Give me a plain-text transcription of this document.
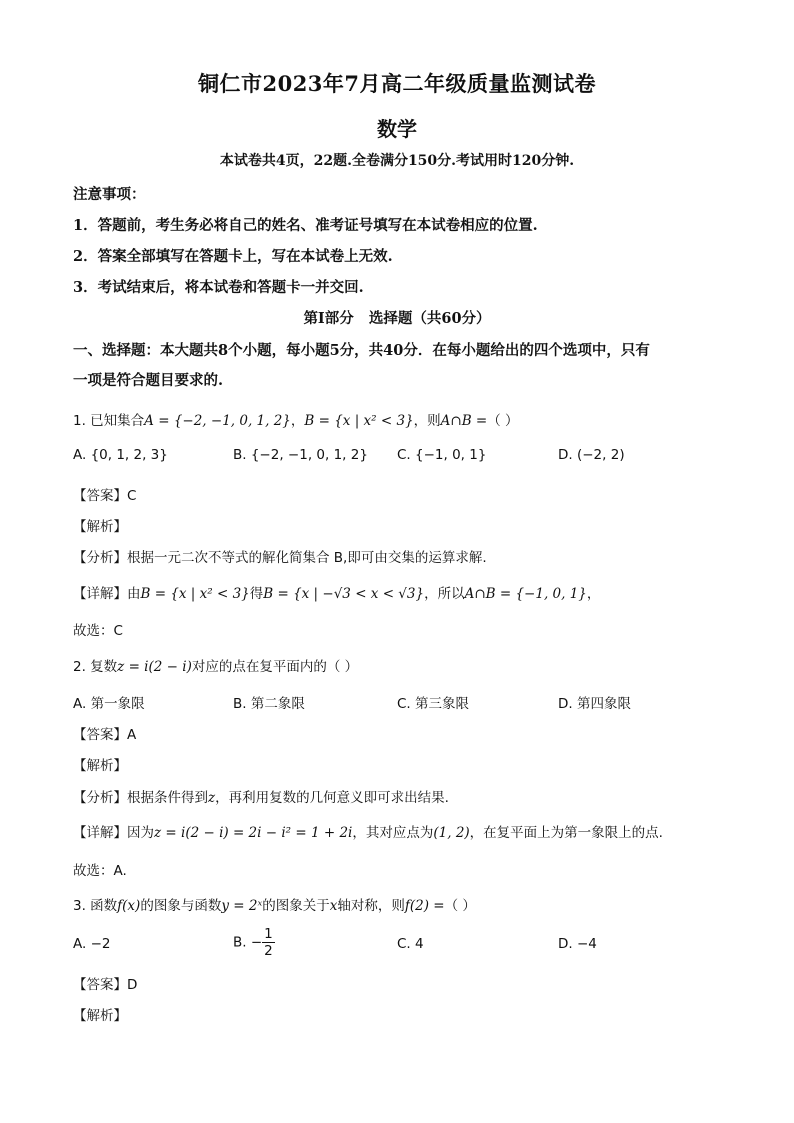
铜仁市2023年7月高二年级质量监测试卷
数学
本试卷共4页，22题.全卷满分150分.考试用时120分钟.
注意事项：
1．答题前，考生务必将自己的姓名、准考证号填写在本试卷相应的位置.
2．答案全部填写在答题卡上，写在本试卷上无效.
3．考试结束后，将本试卷和答题卡一并交回.
第Ⅰ部分   选择题（共60分）
一、选择题：本大题共8个小题，每小题5分，共40分．在每小题给出的四个选项中，只有
一项是符合题目要求的.
1. 已知集合A = {−2, −1, 0, 1, 2}，B = {x | x² < 3}，则A∩B =（ ）
A. {0, 1, 2, 3}	B. {−2, −1, 0, 1, 2} C. {−1, 0, 1}	D. (−2, 2)
【答案】C
【解析】
【分析】根据一元二次不等式的解化简集合 B,即可由交集的运算求解.
【详解】由B = {x | x² < 3}得B = {x | −√3 < x < √3}，所以A∩B = {−1, 0, 1}，
故选：C
2. 复数z = i(2 − i)对应的点在复平面内的（ ）
A. 第一象限	B. 第二象限	C. 第三象限	D. 第四象限
【答案】A
【解析】
【分析】根据条件得到z，再利用复数的几何意义即可求出结果.
【详解】因为z = i(2 − i) = 2i − i² = 1 + 2i，其对应点为(1, 2)，在复平面上为第一象限上的点.
故选：A.
3. 函数f(x)的图象与函数y = 2ˣ的图象关于x轴对称，则f(2) =（ ）
A. −2	B. − $\frac{1}{2}$	C. 4	D. −4
【答案】D
【解析】
